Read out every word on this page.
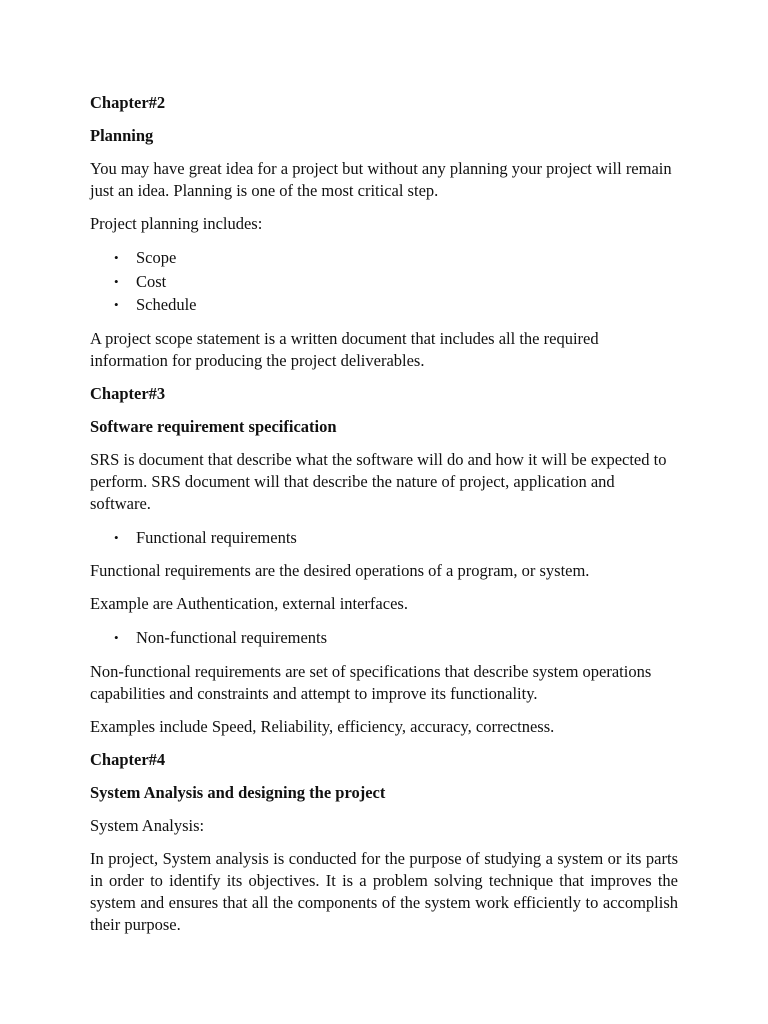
Chapter#2
Planning
You may have great idea for a project but without any planning your project will remain just an idea. Planning is one of the most critical step.
Project planning includes:
• Scope
• Cost
• Schedule
A project scope statement is a written document that includes all the required information for producing the project deliverables.
Chapter#3
Software requirement specification
SRS is document that describe what the software will do and how it will be expected to perform. SRS document will that describe the nature of project, application and software.
• Functional requirements
Functional requirements are the desired operations of a program, or system.
Example are Authentication, external interfaces.
• Non-functional requirements
Non-functional requirements are set of specifications that describe system operations capabilities and constraints and attempt to improve its functionality.
Examples include Speed, Reliability, efficiency, accuracy, correctness.
Chapter#4
System Analysis and designing the project
System Analysis:
In project, System analysis is conducted for the purpose of studying a system or its parts in order to identify its objectives. It is a problem solving technique that improves the system and ensures that all the components of the system work efficiently to accomplish their purpose.
